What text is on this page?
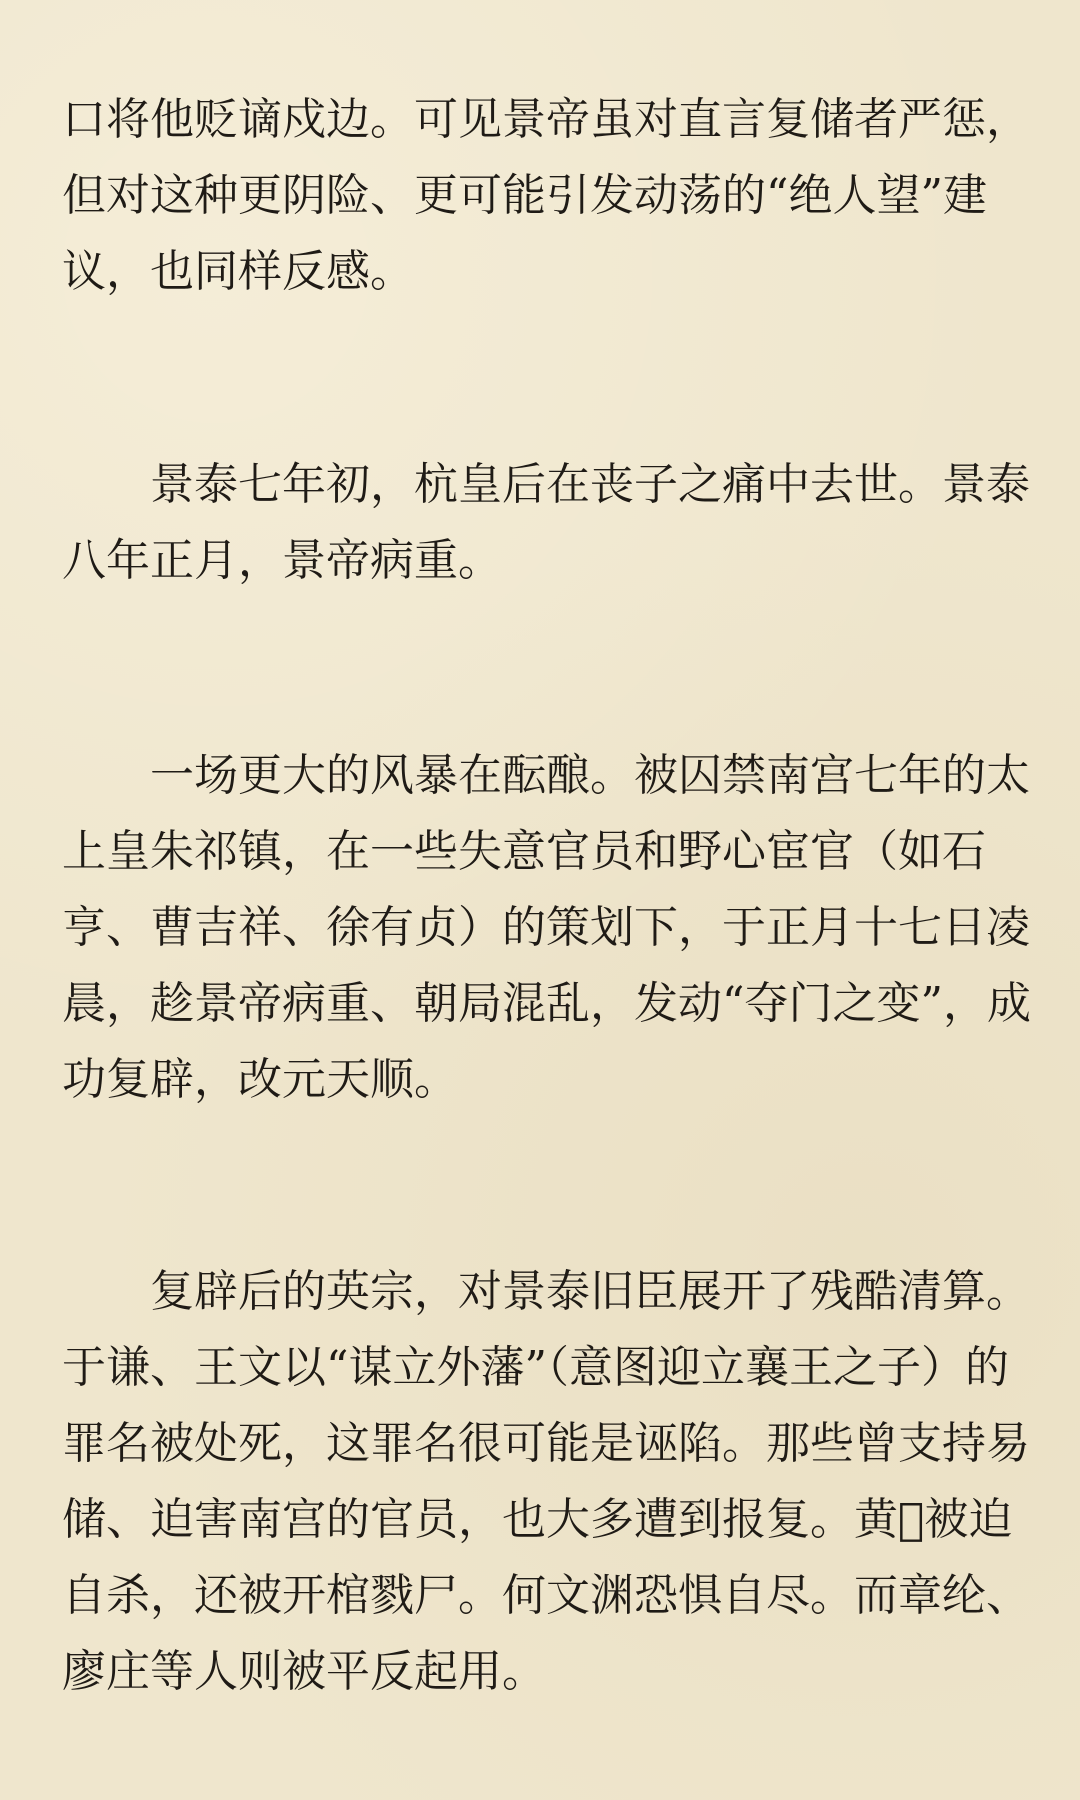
口将他贬谪戍边。可见景帝虽对直言复储者严惩，
但对这种更阴险、更可能引发动荡的“绝人望”建
议，也同样反感。

景泰七年初，杭皇后在丧子之痛中去世。景泰
八年正月，景帝病重。

一场更大的风暴在酝酿。被囚禁南宫七年的太
上皇朱祁镇，在一些失意官员和野心宦官（如石
亨、曹吉祥、徐有贞）的策划下，于正月十七日凌
晨，趁景帝病重、朝局混乱，发动“夺门之变”，成
功复辟，改元天顺。

复辟后的英宗，对景泰旧臣展开了残酷清算。
于谦、王文以“谋立外藩”（意图迎立襄王之子）的
罪名被处死，这罪名很可能是诬陷。那些曾支持易
储、迫害南宫的官员，也大多遭到报复。黄𫵨被迫
自杀，还被开棺戮尸。何文渊恐惧自尽。而章纶、
廖庄等人则被平反起用。
